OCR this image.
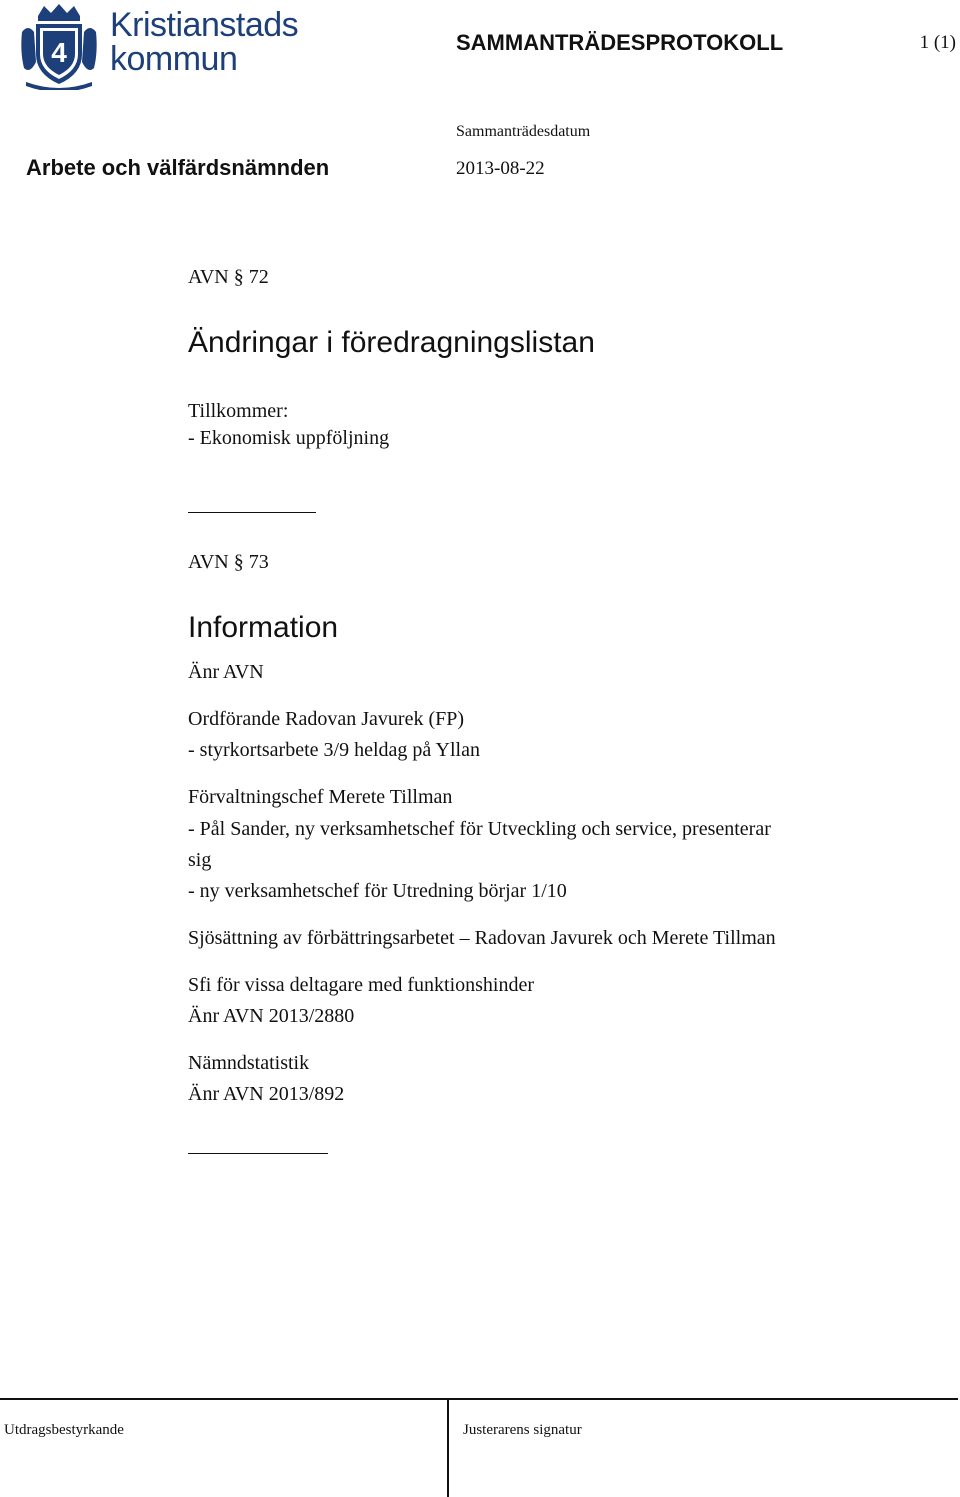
4
Kristianstads
kommun	SAMMANTRÄDESPROTOKOLL	1 (1)
Sammanträdesdatum
2013-08-22
Arbete och välfärdsnämnden
AVN § 72
Ändringar i föredragningslistan
Tillkommer:
- Ekonomisk uppföljning
AVN § 73
Information
Änr AVN
Ordförande Radovan Javurek (FP)
- styrkortsarbete 3/9 heldag på Yllan
Förvaltningschef Merete Tillman
- Pål Sander, ny verksamhetschef för Utveckling och service, presenterar
sig
- ny verksamhetschef för Utredning börjar 1/10
Sjösättning av förbättringsarbetet – Radovan Javurek och Merete Tillman
Sfi för vissa deltagare med funktionshinder
Änr AVN 2013/2880
Nämndstatistik
Änr AVN 2013/892
Utdragsbestyrkande	Justerarens signatur
